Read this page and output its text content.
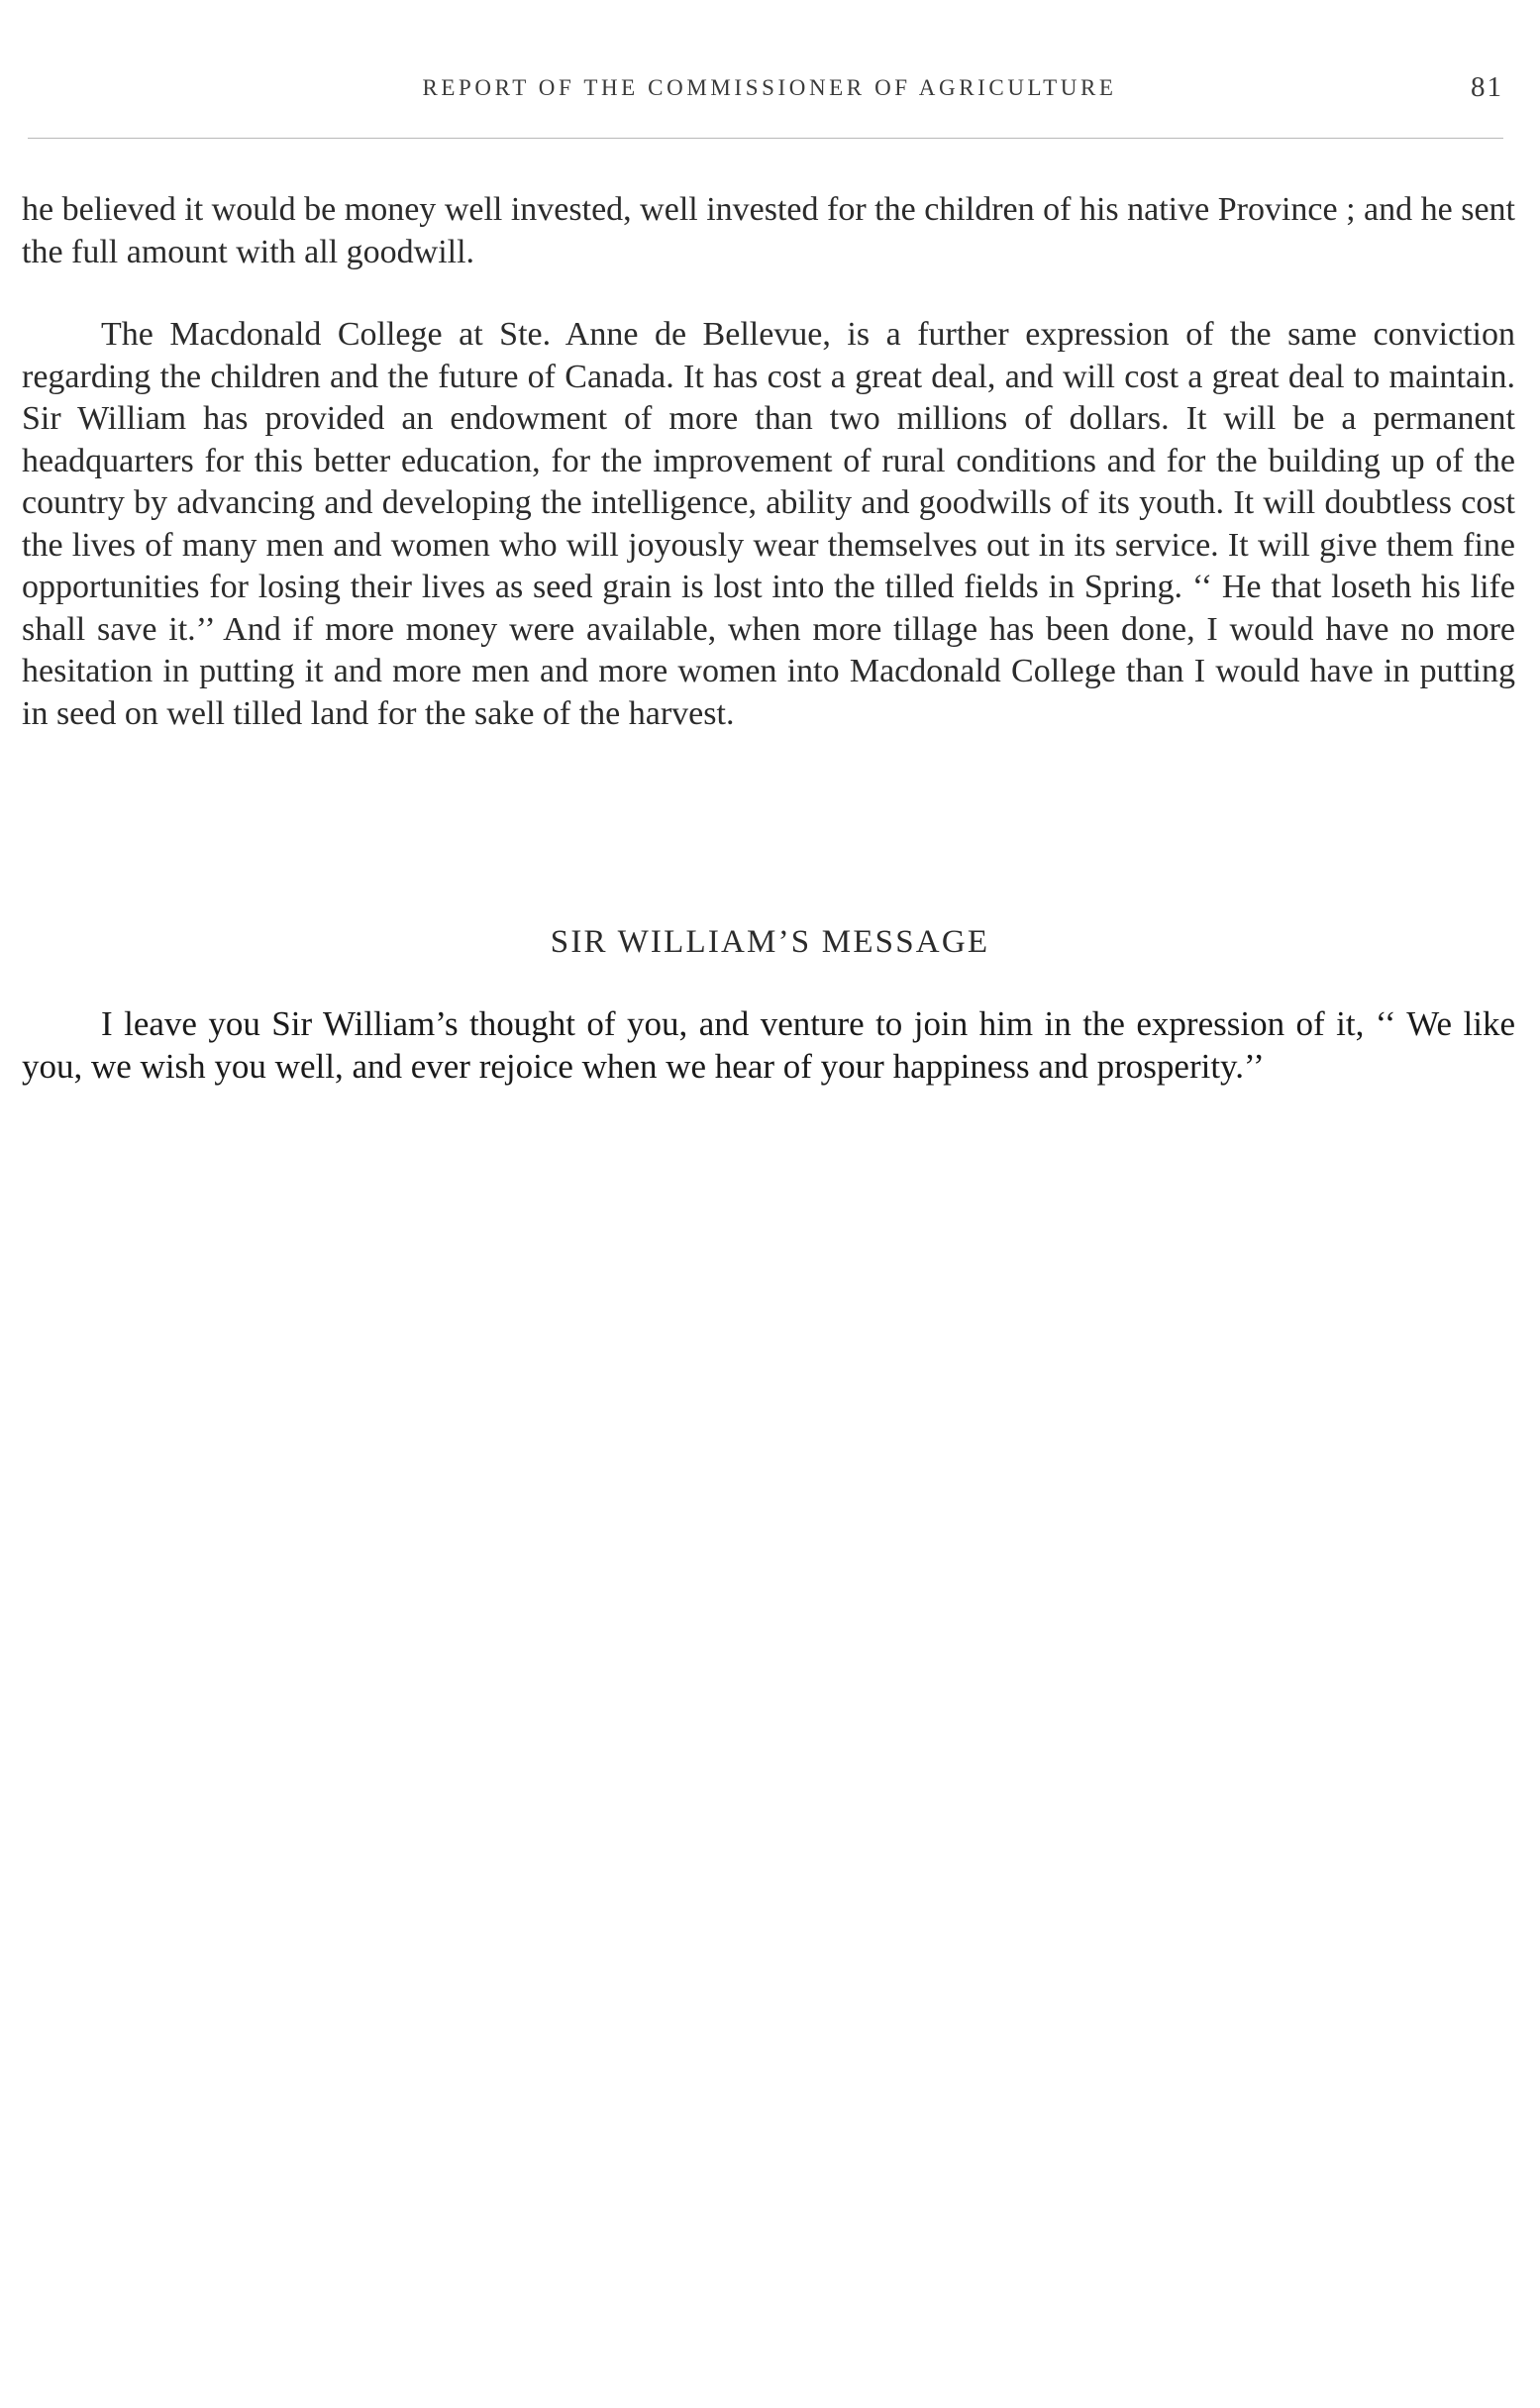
REPORT OF THE COMMISSIONER OF AGRICULTURE	81

he believed it would be money well invested, well invested for the children of his native Province ; and he sent the full amount with all goodwill.

The Macdonald College at Ste. Anne de Bellevue, is a further expression of the same conviction regarding the children and the future of Canada. It has cost a great deal, and will cost a great deal to maintain. Sir William has provided an endowment of more than two millions of dollars. It will be a permanent headquarters for this better education, for the improvement of rural conditions and for the building up of the country by advancing and developing the intelligence, ability and goodwills of its youth. It will doubtless cost the lives of many men and women who will joyously wear themselves out in its service. It will give them fine opportunities for losing their lives as seed grain is lost into the tilled fields in Spring. ‘‘ He that loseth his life shall save it.’’ And if more money were available, when more tillage has been done, I would have no more hesitation in putting it and more men and more women into Macdonald College than I would have in putting in seed on well tilled land for the sake of the harvest.

SIR WILLIAM’S MESSAGE

I leave you Sir William’s thought of you, and venture to join him in the expression of it, ‘‘ We like you, we wish you well, and ever rejoice when we hear of your happiness and prosperity.’’
